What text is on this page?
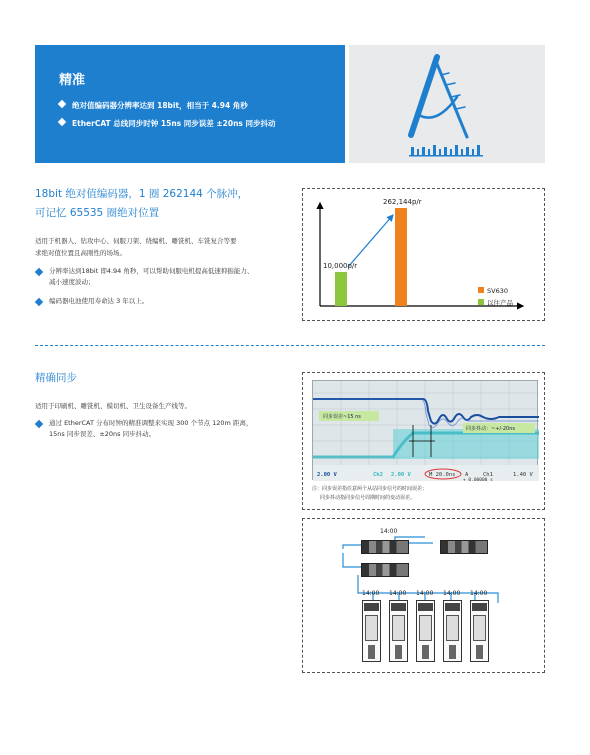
精准
绝对值编码器分辨率达到 18bit，相当于 4.94 角秒
EtherCAT 总线同步时钟 15ns 同步误差 ±20ns 同步抖动
18bit 绝对值编码器，1 圈 262144 个脉冲，
可记忆 65535 圈绝对位置
适用于机器人、钻攻中心、伺服刀架、绕编机、雕铣机、车铣复合等要
求绝对值位置且高刚性的场场。
分辨率达到18bit 即4.94 角秒，可以帮助伺服电机提高低速抑振能力、
减小速度波动；
编码器电池使用寿命达 3 年以上。
10,000p/r
262,144p/r
SV630
以往产品
精确同步
适用于印刷机、雕铣机、模切机、卫生设备生产线等。
通过 EtherCAT 分布时钟的精准调整来实现 300 个节点 120m 距离，
15ns 同步误差、±20ns 同步抖动。
同步误差~15 ns
同步抖动：~+/-20ns
2.00 V	Ch2 2.00 V	M 20.0ns A	Ch1	1.40 V
+ 0.00000 s
注：同步误差指任意两个从站同步信号的时间误差；
同步抖动指同步信号周期时间的变动误差。
14:00
14:00 14:00 14:00 14:00 14:00
